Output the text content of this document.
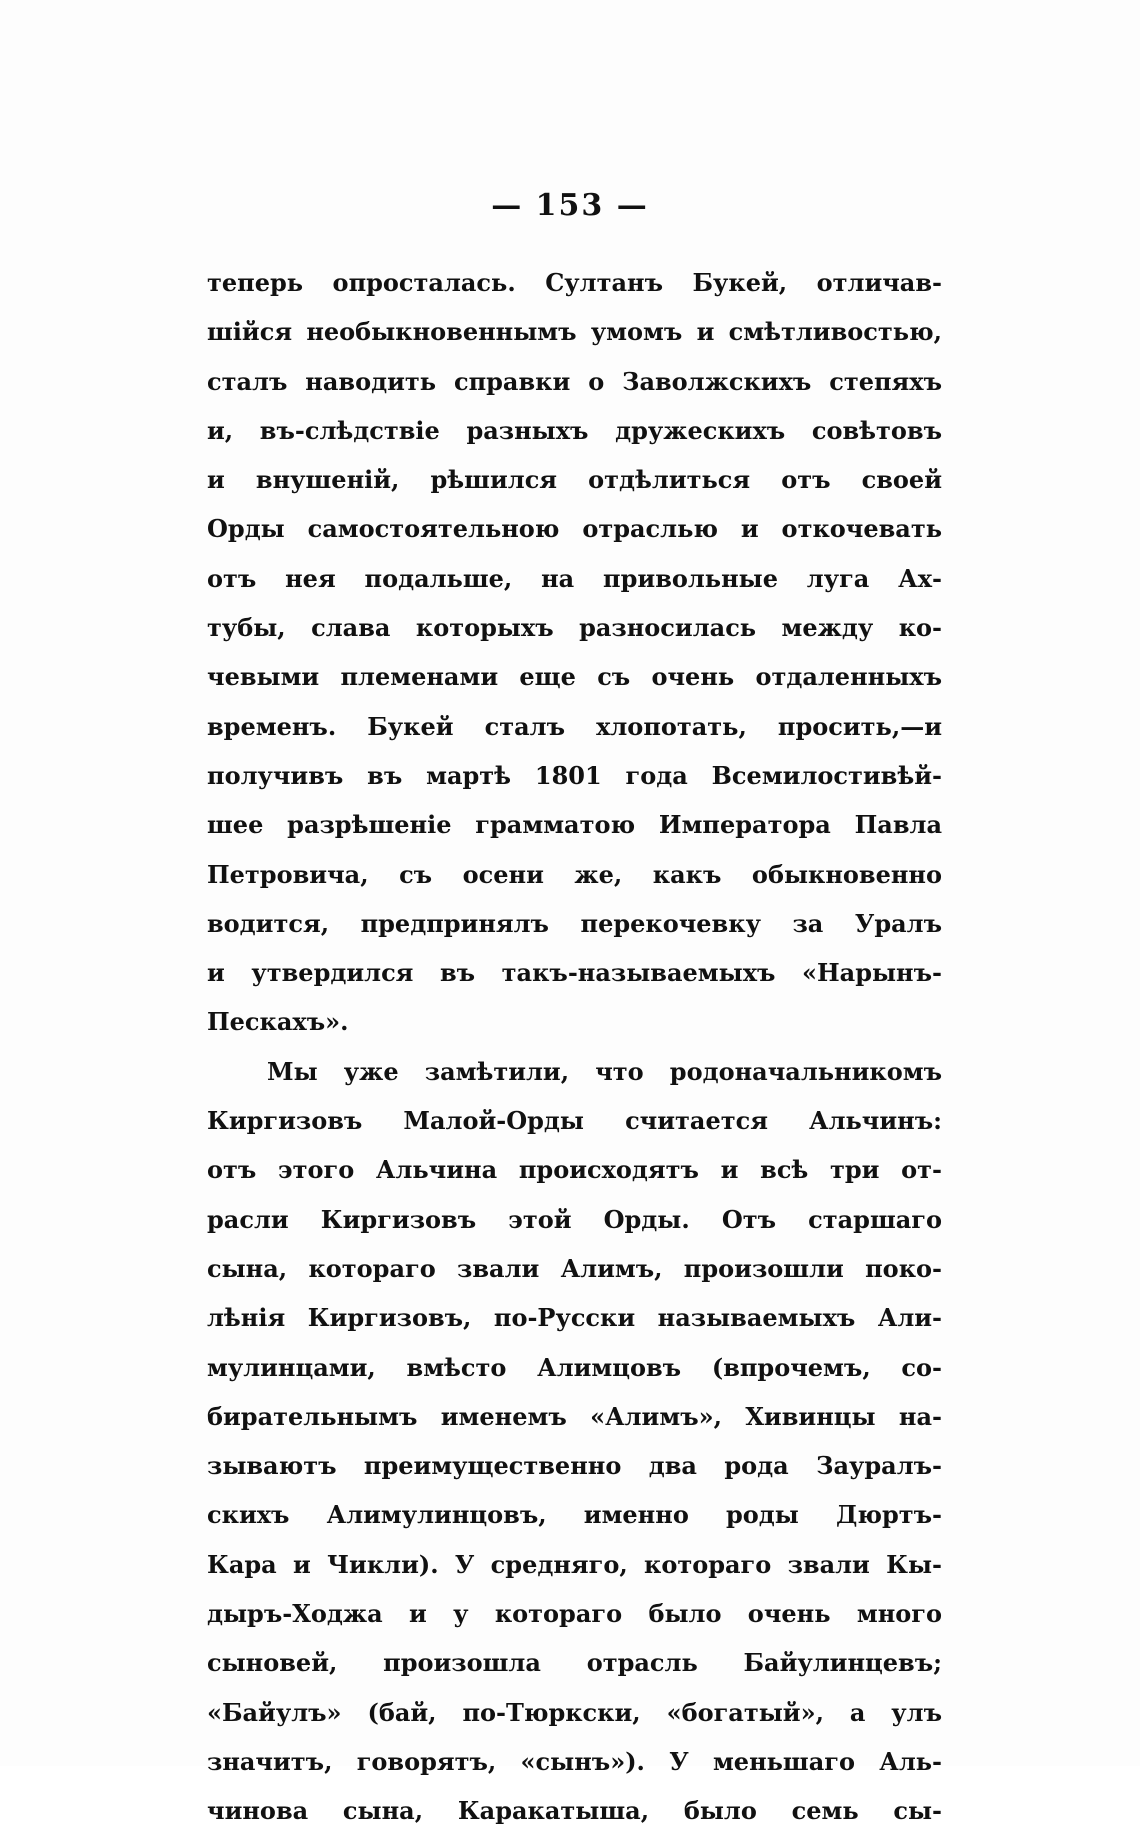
— 153 —
теперь опросталась. Султанъ Букей, отличав-
шійся необыкновеннымъ умомъ и смѣтливостью,
сталъ наводить справки о Заволжскихъ степяхъ
и, въ-слѣдствіе разныхъ дружескихъ совѣтовъ
и внушеній, рѣшился отдѣлиться отъ своей
Орды самостоятельною отраслью и откочевать
отъ нея подальше, на привольные луга Ах-
тубы, слава которыхъ разносилась между ко-
чевыми племенами еще съ очень отдаленныхъ
временъ. Букей сталъ хлопотать, просить,—и
получивъ въ мартѣ 1801 года Всемилостивѣй-
шее разрѣшеніе грамматою Императора Павла
Петровича, съ осени же, какъ обыкновенно
водится, предпринялъ перекочевку за Уралъ
и утвердился въ такъ-называемыхъ «Нарынъ-
Пескахъ».
Мы уже замѣтили, что родоначальникомъ
Киргизовъ Малой-Орды считается Альчинъ:
отъ этого Альчина происходятъ и всѣ три от-
расли Киргизовъ этой Орды. Отъ старшаго
сына, котораго звали Алимъ, произошли поко-
лѣнія Киргизовъ, по-Русски называемыхъ Али-
мулинцами, вмѣсто Алимцовъ (впрочемъ, со-
бирательнымъ именемъ «Алимъ», Хивинцы на-
зываютъ преимущественно два рода Зауралъ-
скихъ Алимулинцовъ, именно роды Дюртъ-
Кара и Чикли). У средняго, котораго звали Кы-
дыръ-Ходжа и у котораго было очень много
сыновей, произошла отрасль Байулинцевъ;
«Байулъ» (бай, по-Тюркски, «богатый», а улъ
значитъ, говорятъ, «сынъ»). У меньшаго Аль-
чинова сына, Каракатыша, было семь сы-
